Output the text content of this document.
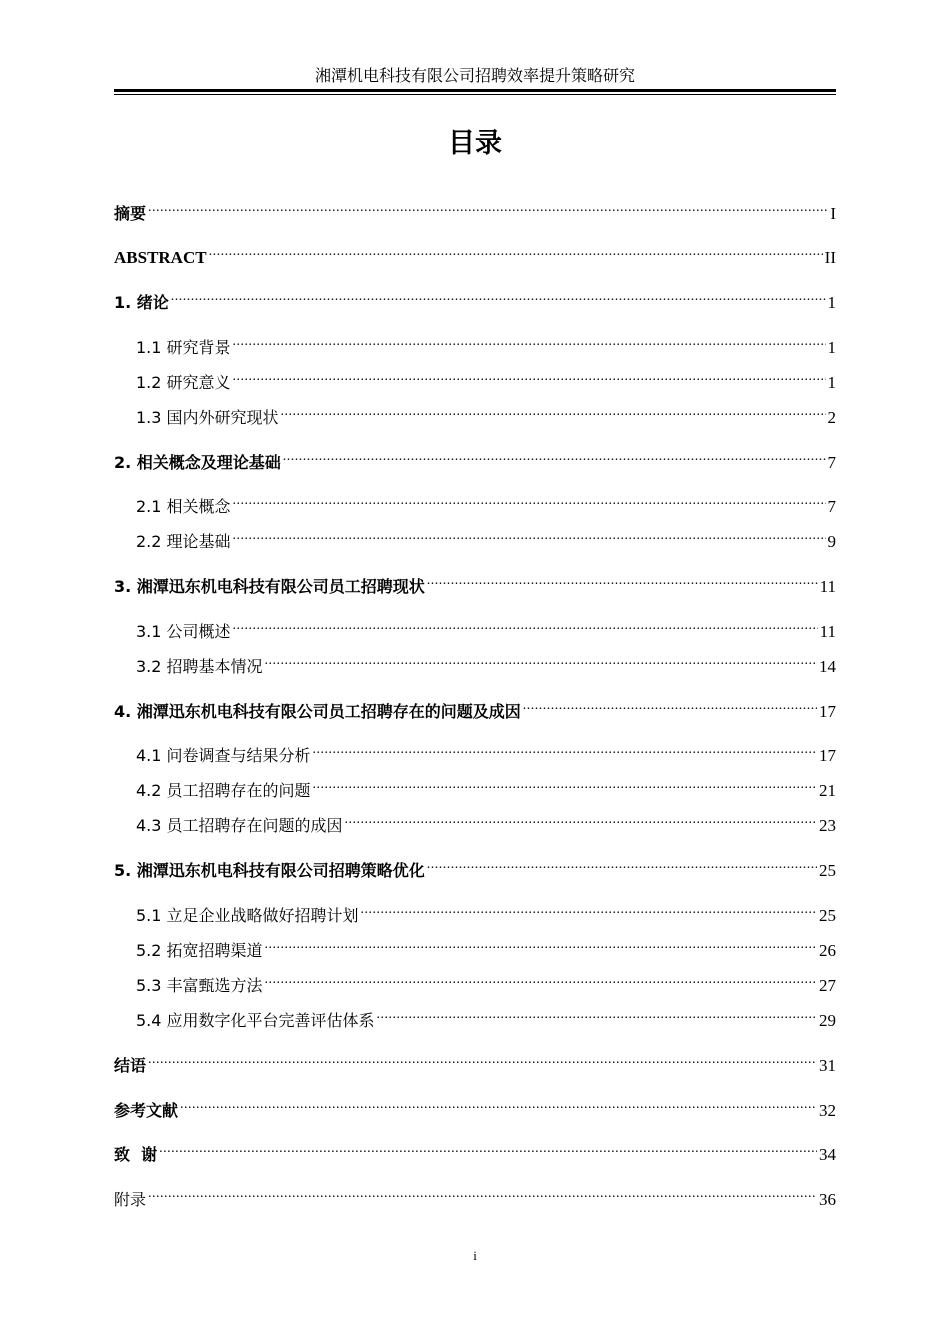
湘潭机电科技有限公司招聘效率提升策略研究
目录
摘要 .....	I
ABSTRACT .....	II
1. 绪论 .....	1
1.1 研究背景 .....	1
1.2 研究意义 .....	1
1.3 国内外研究现状 .....	2
2. 相关概念及理论基础 .....	7
2.1 相关概念 .....	7
2.2 理论基础 .....	9
3. 湘潭迅东机电科技有限公司员工招聘现状 .....	11
3.1 公司概述 .....	11
3.2 招聘基本情况 .....	14
4. 湘潭迅东机电科技有限公司员工招聘存在的问题及成因 .....	17
4.1 问卷调查与结果分析 .....	17
4.2 员工招聘存在的问题 .....	21
4.3 员工招聘存在问题的成因 .....	23
5. 湘潭迅东机电科技有限公司招聘策略优化 .....	25
5.1 立足企业战略做好招聘计划 .....	25
5.2 拓宽招聘渠道 .....	26
5.3 丰富甄选方法 .....	27
5.4 应用数字化平台完善评估体系 .....	29
结语 .....	31
参考文献 .....	32
致  谢 .....	34
附录 .....	36
i
